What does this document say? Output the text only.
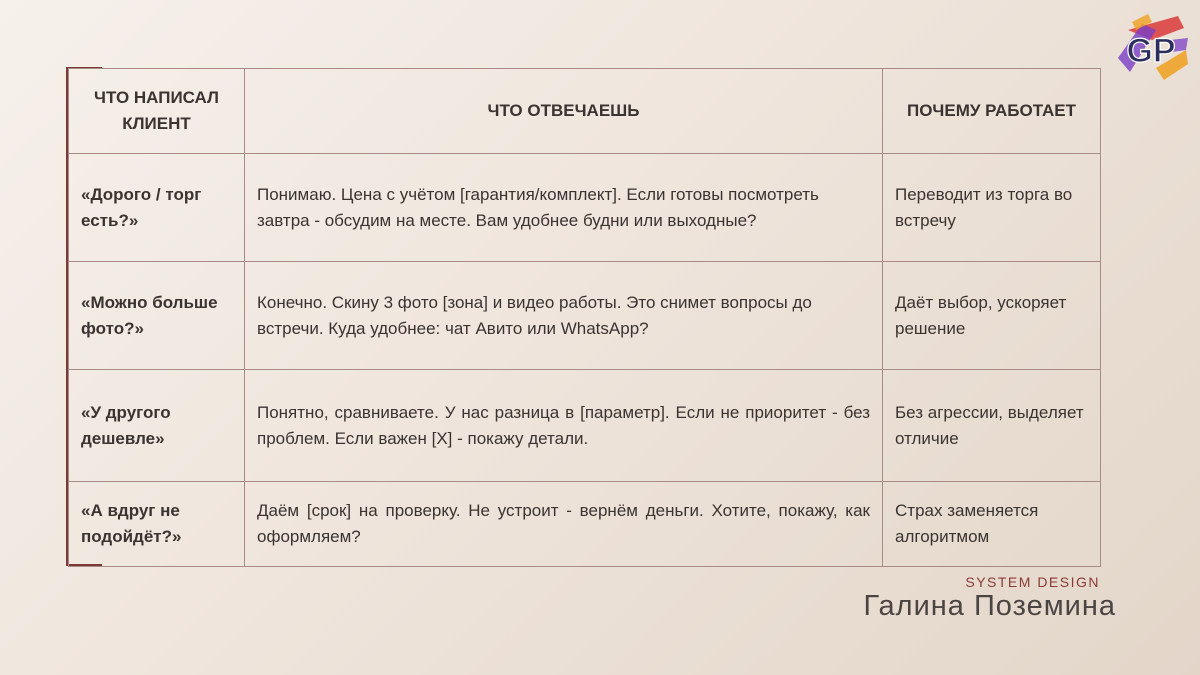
GP
ЧТО НАПИСАЛ КЛИЕНТ	ЧТО ОТВЕЧАЕШЬ	ПОЧЕМУ РАБОТАЕТ
«Дорого / торг есть?»	Понимаю. Цена с учётом [гарантия/комплект]. Если готовы посмотреть завтра - обсудим на месте. Вам удобнее будни или выходные?	Переводит из торга во встречу
«Можно больше фото?»	Конечно. Скину 3 фото [зона] и видео работы. Это снимет вопросы до встречи. Куда удобнее: чат Авито или WhatsApp?	Даёт выбор, ускоряет решение
«У другого дешевле»	Понятно, сравниваете. У нас разница в [параметр]. Если не приоритет - без проблем. Если важен [X] - покажу детали.	Без агрессии, выделяет отличие
«А вдруг не подойдёт?»	Даём [срок] на проверку. Не устроит - вернём деньги. Хотите, покажу, как оформляем?	Страх заменяется алгоритмом
SYSTEM DESIGN
Галина Поземина
